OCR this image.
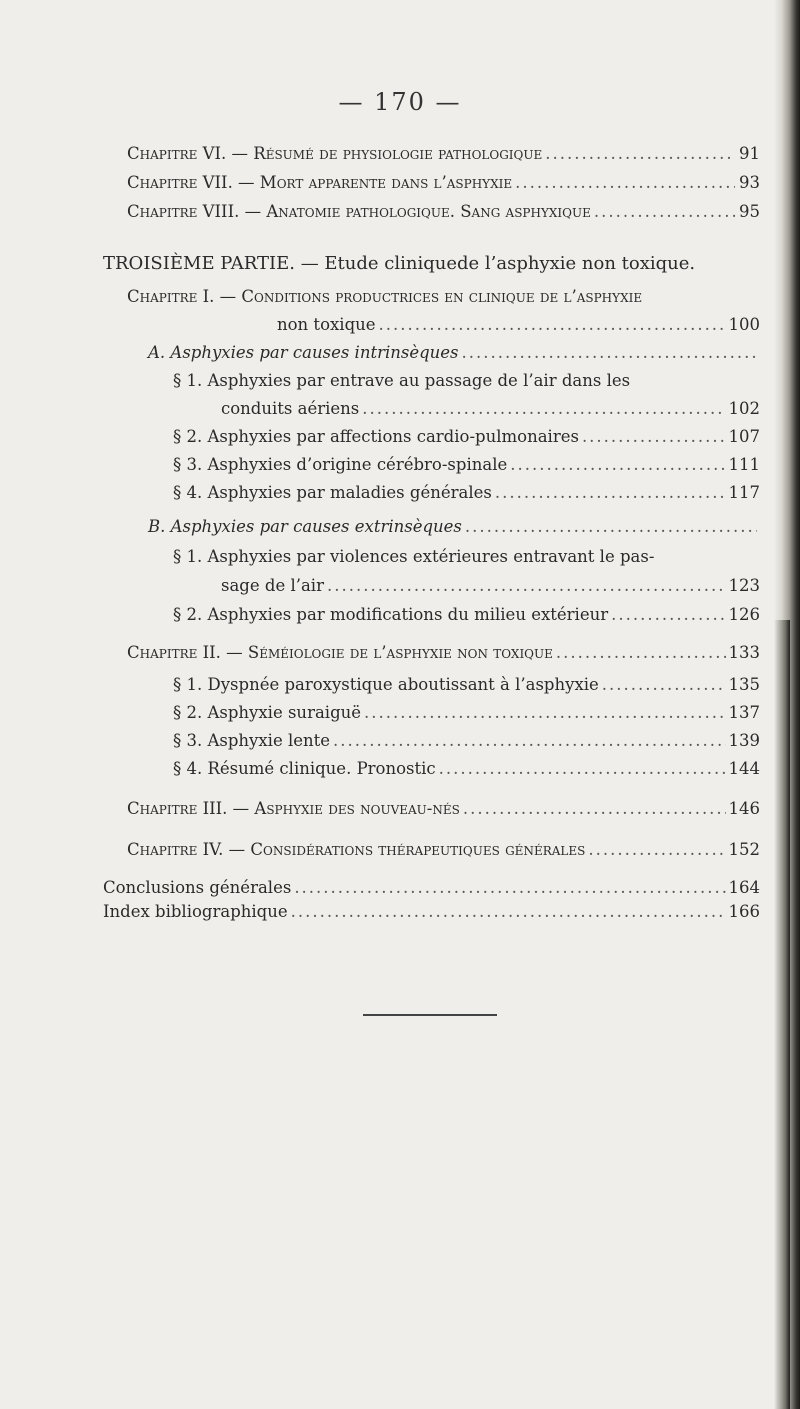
— 170 —
Chapitre VI. — Résumé de physiologie pathologique .....	91
Chapitre VII. — Mort apparente dans l’asphyxie .....	93
Chapitre VIII. — Anatomie pathologique. Sang asphyxique .....	95
TROISIÈME PARTIE. — Etude cliniquede l’asphyxie non toxique.
Chapitre I. — Conditions productrices en clinique de l’asphyxie
non toxique .....	100
A. Asphyxies par causes intrinsèques
.....
§ 1. Asphyxies par entrave au passage de l’air dans les
conduits aériens .....	102
§ 2. Asphyxies par affections cardio-pulmonaires .....	107
§ 3. Asphyxies d’origine cérébro-spinale .....	111
§ 4. Asphyxies par maladies générales .....	117
B. Asphyxies par causes extrinsèques
.....
§ 1. Asphyxies par violences extérieures entravant le pas-
sage de l’air .....	123
§ 2. Asphyxies par modifications du milieu extérieur .....	126
Chapitre II. — Séméiologie de l’asphyxie non toxique .....	133
§ 1. Dyspnée paroxystique aboutissant à l’asphyxie .....	135
§ 2. Asphyxie suraiguë .....	137
§ 3. Asphyxie lente .....	139
§ 4. Résumé clinique. Pronostic .....	144
Chapitre III. — Asphyxie des nouveau-nés .....	146
Chapitre IV. — Considérations thérapeutiques générales .....	152
Conclusions générales .....	164
Index bibliographique .....	166
